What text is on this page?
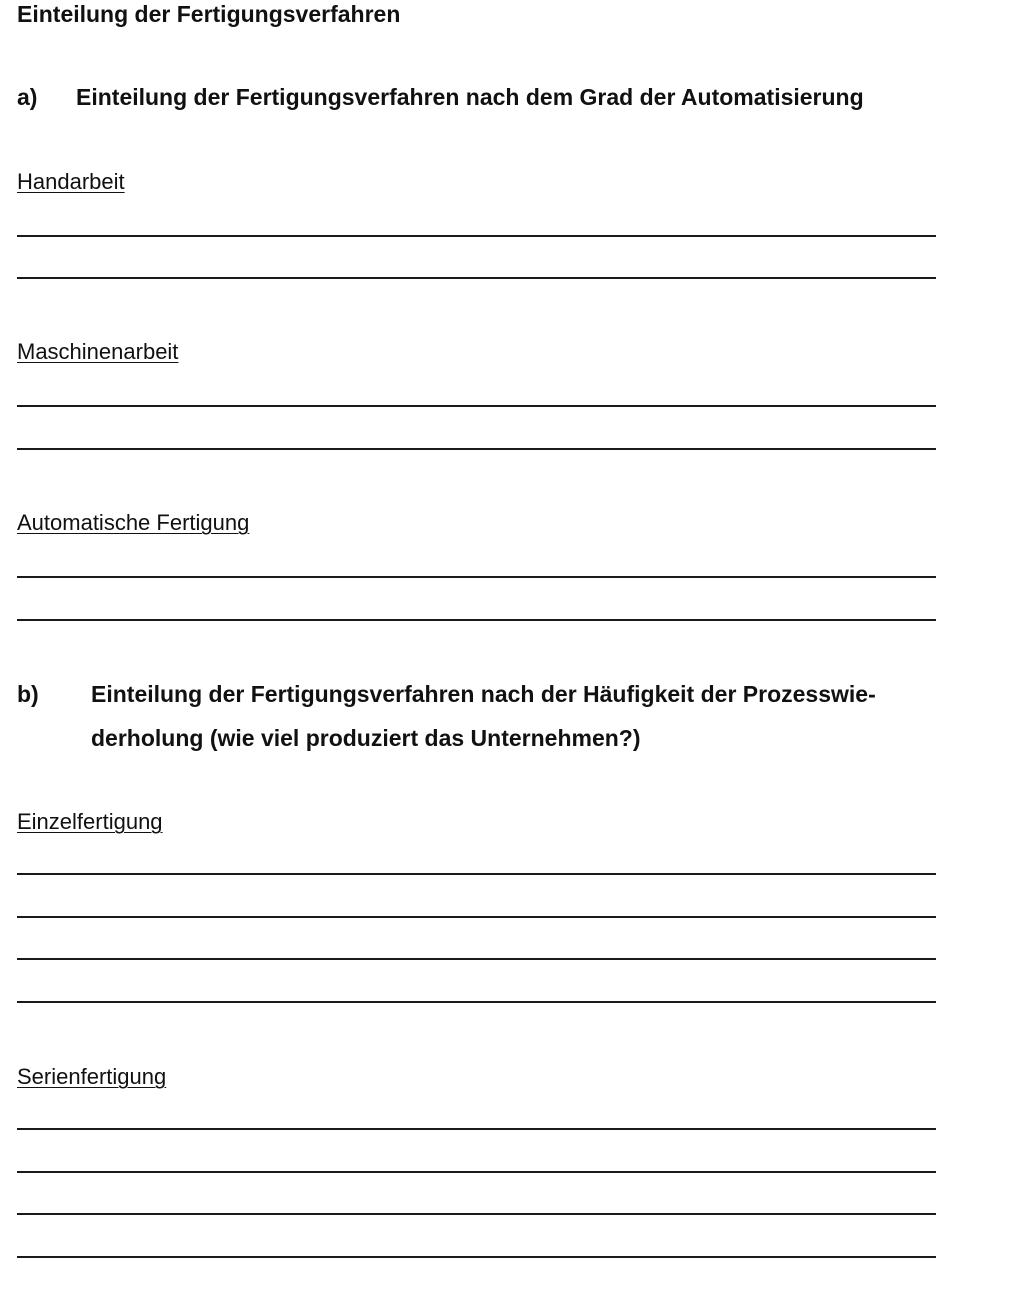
Einteilung der Fertigungsverfahren
a) Einteilung der Fertigungsverfahren nach dem Grad der Automatisierung
Handarbeit
Maschinenarbeit
Automatische Fertigung
b) Einteilung der Fertigungsverfahren nach der Häufigkeit der Prozesswie-
derholung (wie viel produziert das Unternehmen?)
Einzelfertigung
Serienfertigung
